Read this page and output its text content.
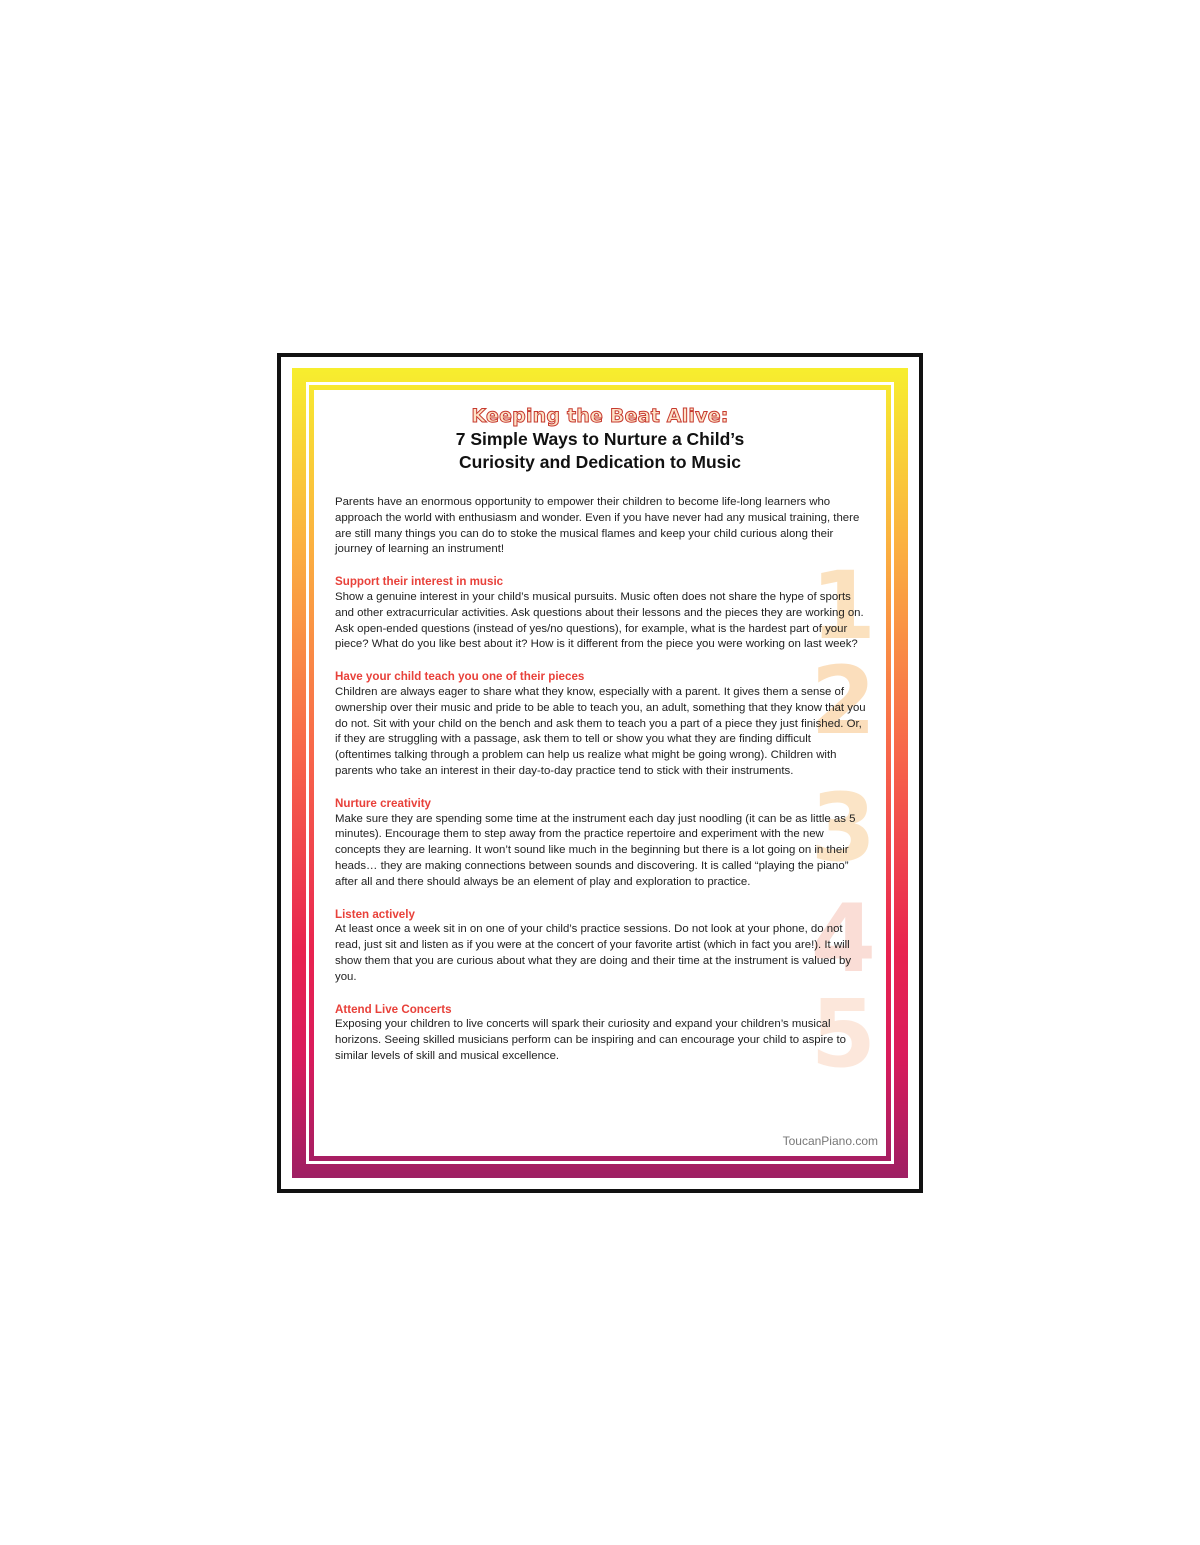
Keeping the Beat Alive:
7 Simple Ways to Nurture a Child’s
Curiosity and Dedication to Music

Parents have an enormous opportunity to empower their children to become life-long learners who approach the world with enthusiasm and wonder. Even if you have never had any musical training, there are still many things you can do to stoke the musical flames and keep your child curious along their journey of learning an instrument!

1
Support their interest in music

Show a genuine interest in your child’s musical pursuits. Music often does not share the hype of sports and other extracurricular activities. Ask questions about their lessons and the pieces they are working on. Ask open-ended questions (instead of yes/no questions), for example, what is the hardest part of your piece? What do you like best about it? How is it different from the piece you were working on last week?

2
Have your child teach you one of their pieces

Children are always eager to share what they know, especially with a parent. It gives them a sense of ownership over their music and pride to be able to teach you, an adult, something that they know that you do not. Sit with your child on the bench and ask them to teach you a part of a piece they just finished. Or, if they are struggling with a passage, ask them to tell or show you what they are finding difficult (oftentimes talking through a problem can help us realize what might be going wrong). Children with parents who take an interest in their day-to-day practice tend to stick with their instruments.

3
Nurture creativity

Make sure they are spending some time at the instrument each day just noodling (it can be as little as 5 minutes). Encourage them to step away from the practice repertoire and experiment with the new concepts they are learning. It won’t sound like much in the beginning but there is a lot going on in their heads… they are making connections between sounds and discovering. It is called “playing the piano” after all and there should always be an element of play and exploration to practice.

4
Listen actively

At least once a week sit in on one of your child’s practice sessions. Do not look at your phone, do not read, just sit and listen as if you were at the concert of your favorite artist (which in fact you are!). It will show them that you are curious about what they are doing and their time at the instrument is valued by you.

5
Attend Live Concerts

Exposing your children to live concerts will spark their curiosity and expand your children’s musical horizons. Seeing skilled musicians perform can be inspiring and can encourage your child to aspire to similar levels of skill and musical excellence.

ToucanPiano.com
